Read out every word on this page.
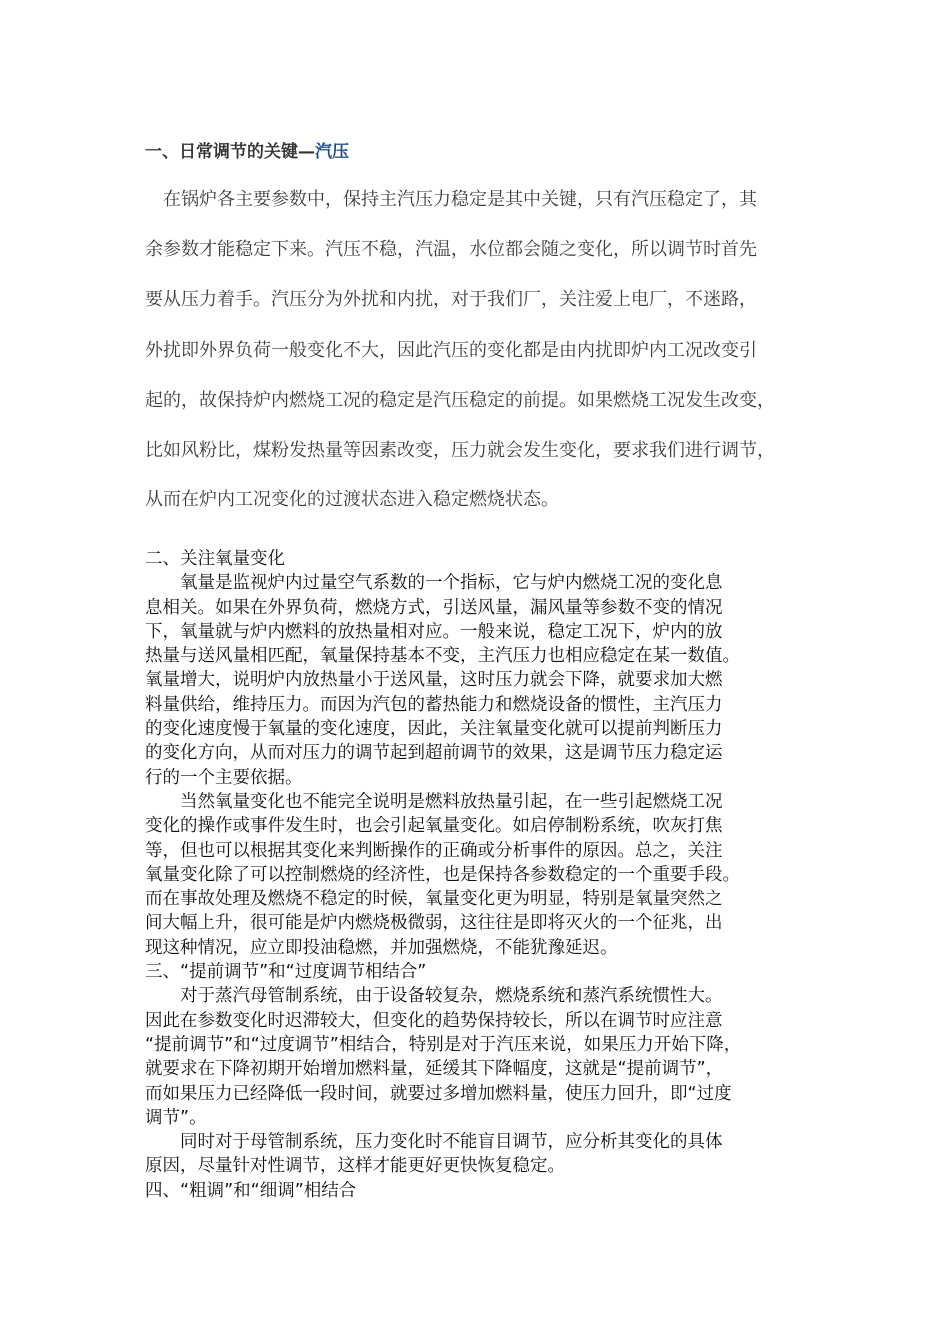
一、日常调节的关键—汽压
　在锅炉各主要参数中，保持主汽压力稳定是其中关键，只有汽压稳定了，其
余参数才能稳定下来。汽压不稳，汽温，水位都会随之变化，所以调节时首先
要从压力着手。汽压分为外扰和内扰，对于我们厂，关注爱上电厂，不迷路，
外扰即外界负荷一般变化不大，因此汽压的变化都是由内扰即炉内工况改变引
起的，故保持炉内燃烧工况的稳定是汽压稳定的前提。如果燃烧工况发生改变，
比如风粉比，煤粉发热量等因素改变，压力就会发生变化，要求我们进行调节，
从而在炉内工况变化的过渡状态进入稳定燃烧状态。
二、关注氧量变化
　　氧量是监视炉内过量空气系数的一个指标，它与炉内燃烧工况的变化息
息相关。如果在外界负荷，燃烧方式，引送风量，漏风量等参数不变的情况
下，氧量就与炉内燃料的放热量相对应。一般来说，稳定工况下，炉内的放
热量与送风量相匹配，氧量保持基本不变，主汽压力也相应稳定在某一数值。
氧量增大，说明炉内放热量小于送风量，这时压力就会下降，就要求加大燃
料量供给，维持压力。而因为汽包的蓄热能力和燃烧设备的惯性，主汽压力
的变化速度慢于氧量的变化速度，因此，关注氧量变化就可以提前判断压力
的变化方向，从而对压力的调节起到超前调节的效果，这是调节压力稳定运
行的一个主要依据。
　　当然氧量变化也不能完全说明是燃料放热量引起，在一些引起燃烧工况
变化的操作或事件发生时，也会引起氧量变化。如启停制粉系统，吹灰打焦
等，但也可以根据其变化来判断操作的正确或分析事件的原因。总之，关注
氧量变化除了可以控制燃烧的经济性，也是保持各参数稳定的一个重要手段。
而在事故处理及燃烧不稳定的时候，氧量变化更为明显，特别是氧量突然之
间大幅上升，很可能是炉内燃烧极微弱，这往往是即将灭火的一个征兆，出
现这种情况，应立即投油稳燃，并加强燃烧，不能犹豫延迟。
三、“提前调节”和“过度调节相结合”
　　对于蒸汽母管制系统，由于设备较复杂，燃烧系统和蒸汽系统惯性大。
因此在参数变化时迟滞较大，但变化的趋势保持较长，所以在调节时应注意
“提前调节”和“过度调节”相结合，特别是对于汽压来说，如果压力开始下降，
就要求在下降初期开始增加燃料量，延缓其下降幅度，这就是“提前调节”，
而如果压力已经降低一段时间，就要过多增加燃料量，使压力回升，即“过度
调节”。
　　同时对于母管制系统，压力变化时不能盲目调节，应分析其变化的具体
原因，尽量针对性调节，这样才能更好更快恢复稳定。
四、“粗调”和“细调”相结合
